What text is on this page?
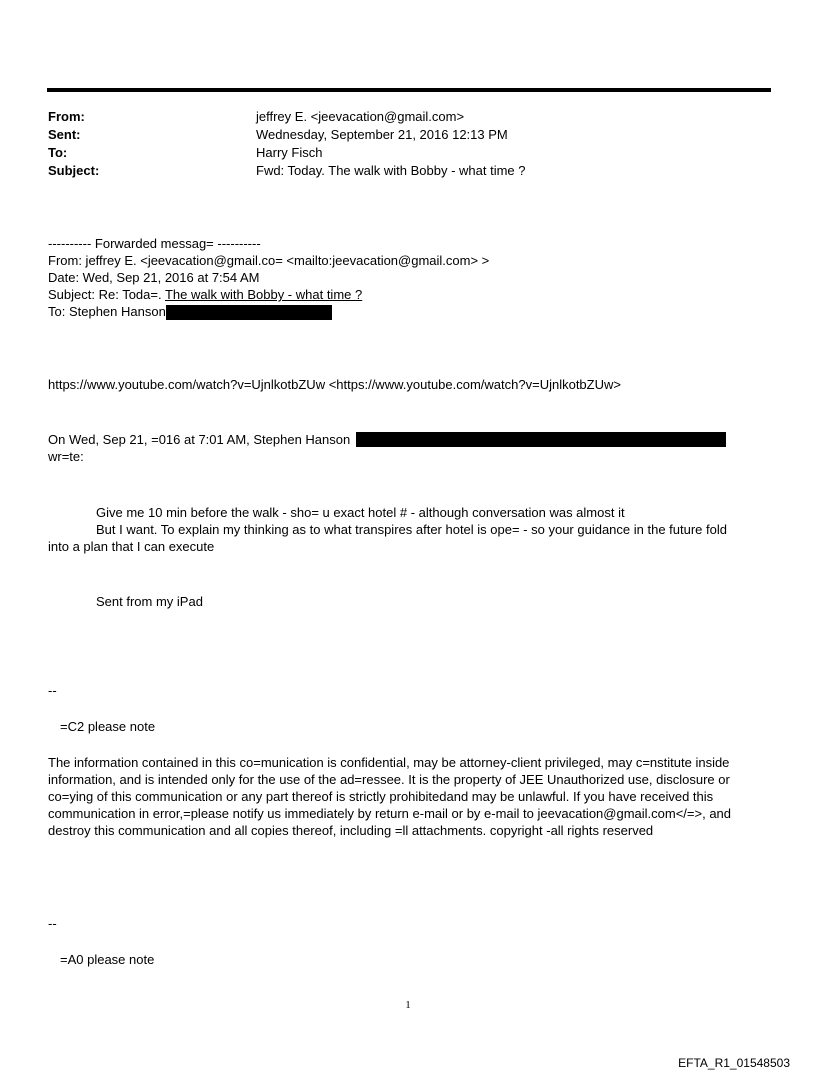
From:	jeffrey E. <jeevacation@gmail.com>
Sent:	Wednesday, September 21, 2016 12:13 PM
To:	Harry Fisch
Subject:	Fwd: Today. The walk with Bobby - what time ?
---------- Forwarded messag= ----------
From: jeffrey E. <jeevacation@gmail.co= <mailto:jeevacation@gmail.com> >
Date: Wed, Sep 21, 2016 at 7:54 AM
Subject: Re: Toda=. The walk with Bobby - what time ?
To: Stephen Hanson
https://www.youtube.com/watch?v=UjnlkotbZUw <https://www.youtube.com/watch?v=UjnlkotbZUw>
On Wed, Sep 21, =016 at 7:01 AM, Stephen Hanson
wr=te:
Give me 10 min before the walk - sho= u exact hotel # - although conversation was almost it
But I want. To explain my thinking as to what transpires after hotel is ope= - so your guidance in the future fold
into a plan that I can execute
Sent from my iPad
--
=C2 please note
The information contained in this co=munication is confidential, may be attorney-client privileged, may c=nstitute inside information, and is intended only for the use of the ad=ressee. It is the property of JEE Unauthorized use, disclosure or co=ying of this communication or any part thereof is strictly prohibitedand may be unlawful. If you have received this communication in error,=please notify us immediately by return e-mail or by e-mail to jeevacation@gmail.com</=>, and destroy this communication and all copies thereof, including =ll attachments. copyright -all rights reserved
--
=A0 please note
1
EFTA_R1_01548503
